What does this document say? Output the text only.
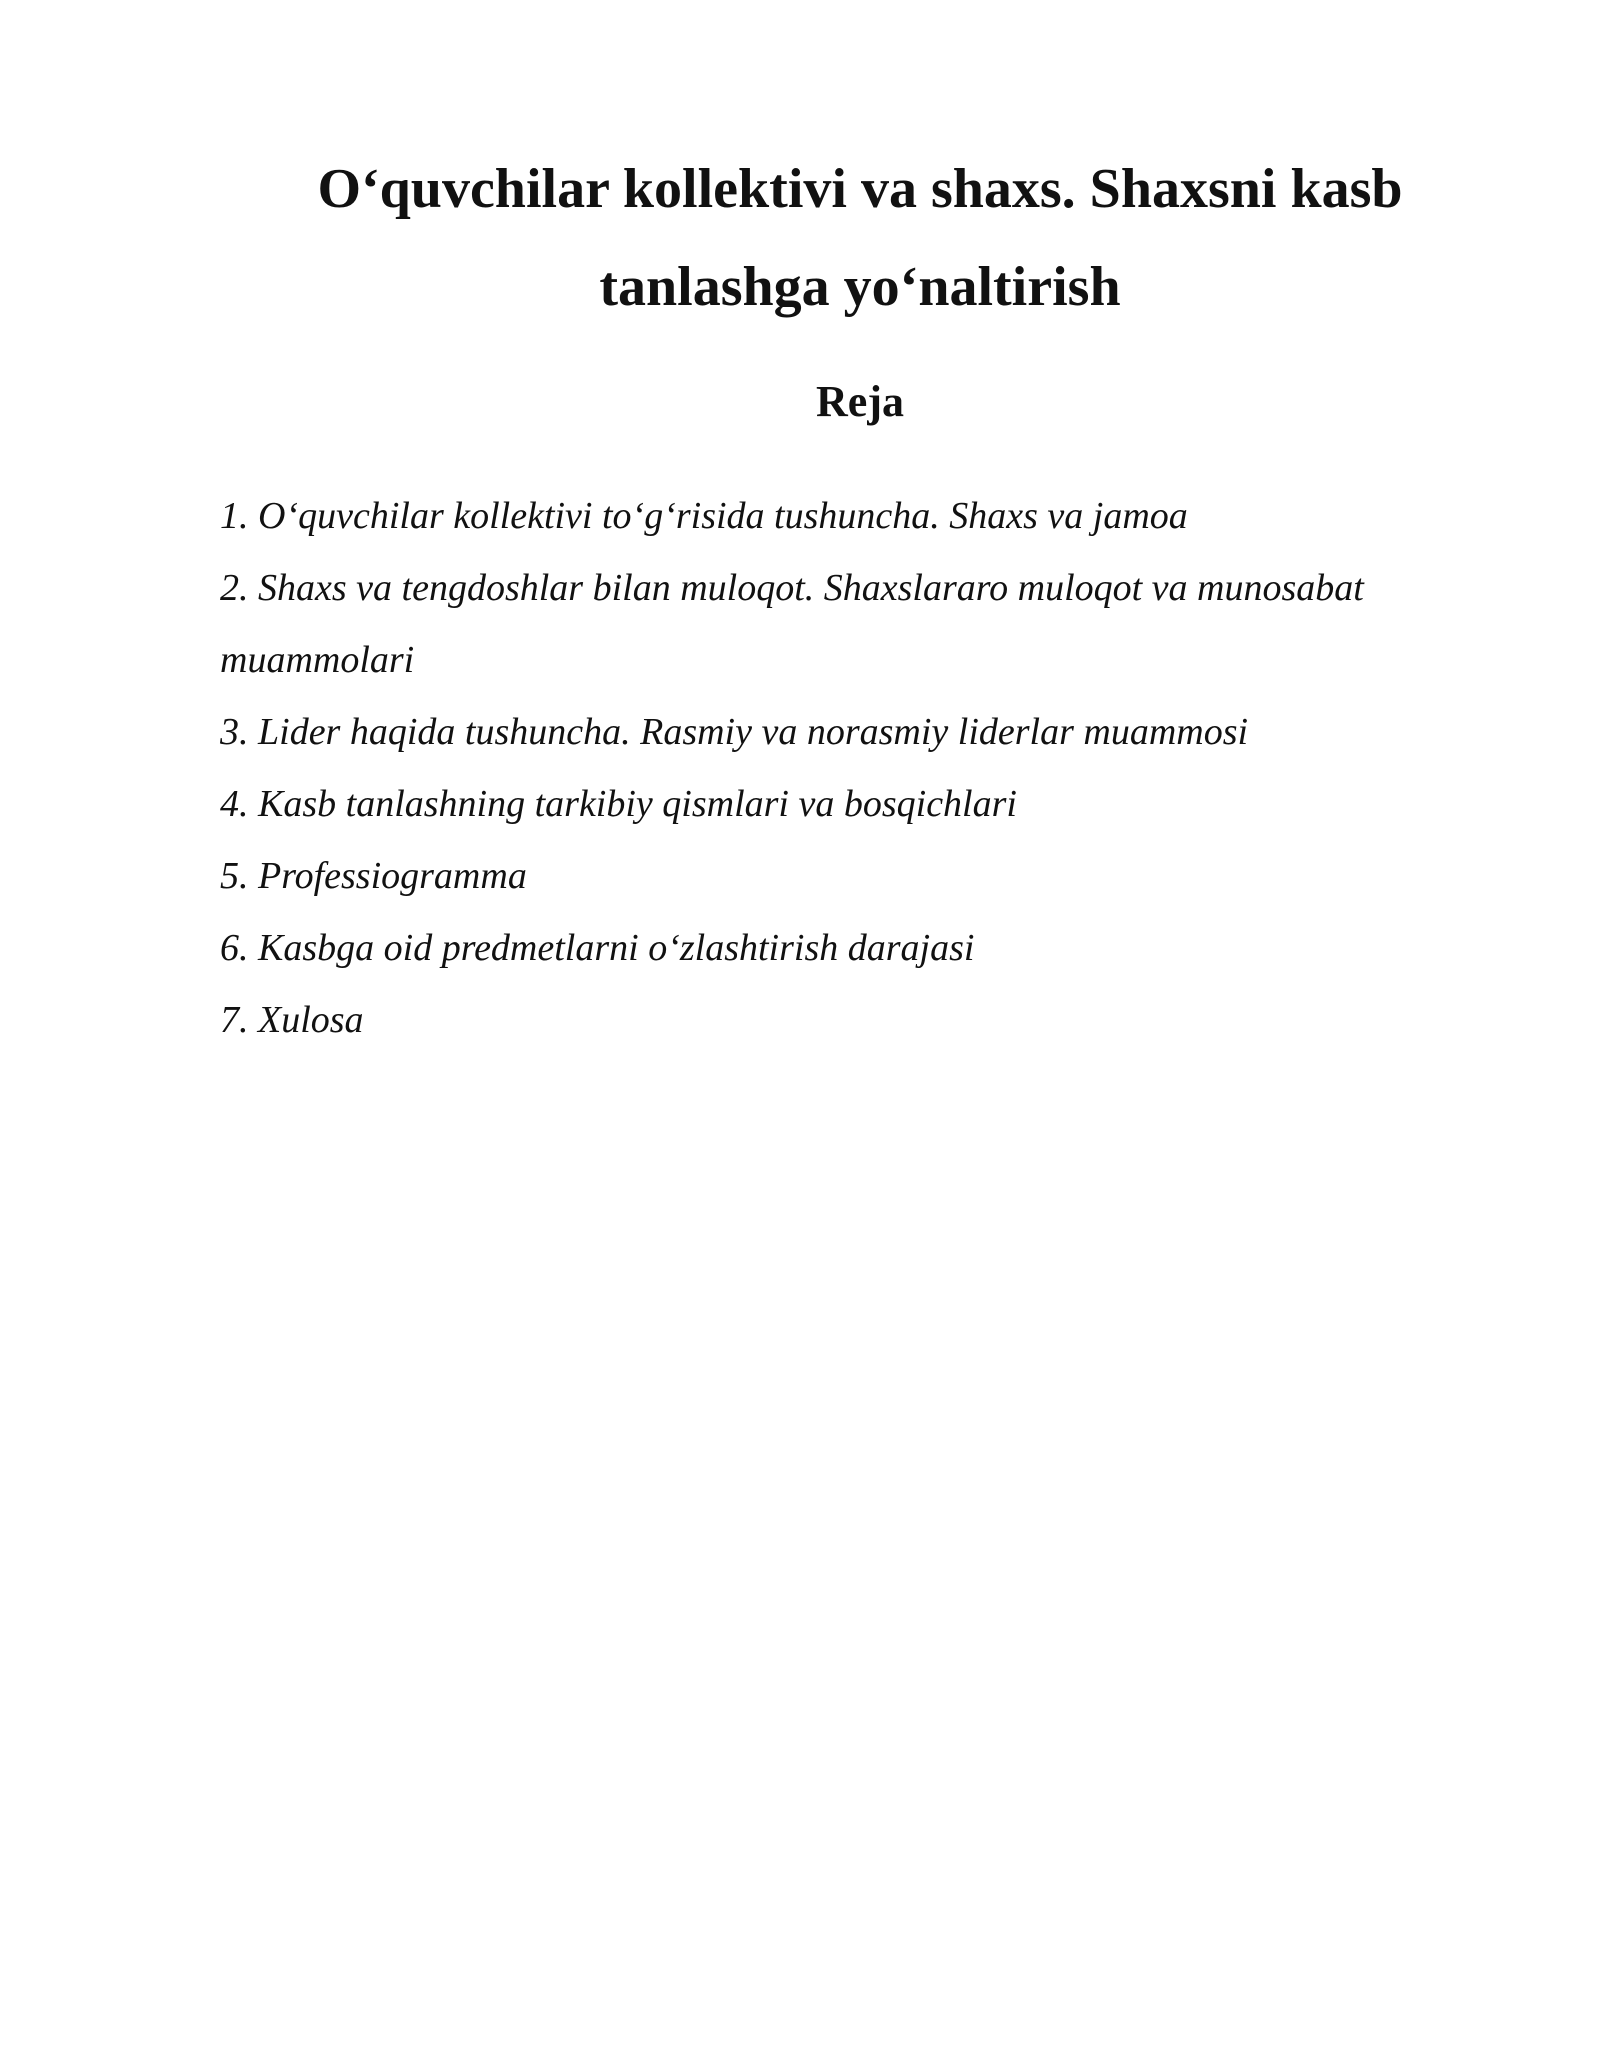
O‘quvchilar kollektivi va shaxs. Shaxsni kasb
tanlashga yo‘naltirish
Reja
1. O‘quvchilar kollektivi to‘g‘risida tushuncha. Shaxs va jamoa
2. Shaxs va tengdoshlar bilan muloqot. Shaxslararo muloqot va munosabat muammolari
3. Lider haqida tushuncha. Rasmiy va norasmiy liderlar muammosi
4. Kasb tanlashning tarkibiy qismlari va bosqichlari
5. Professiogramma
6. Kasbga oid predmetlarni o‘zlashtirish darajasi
7. Xulosa
